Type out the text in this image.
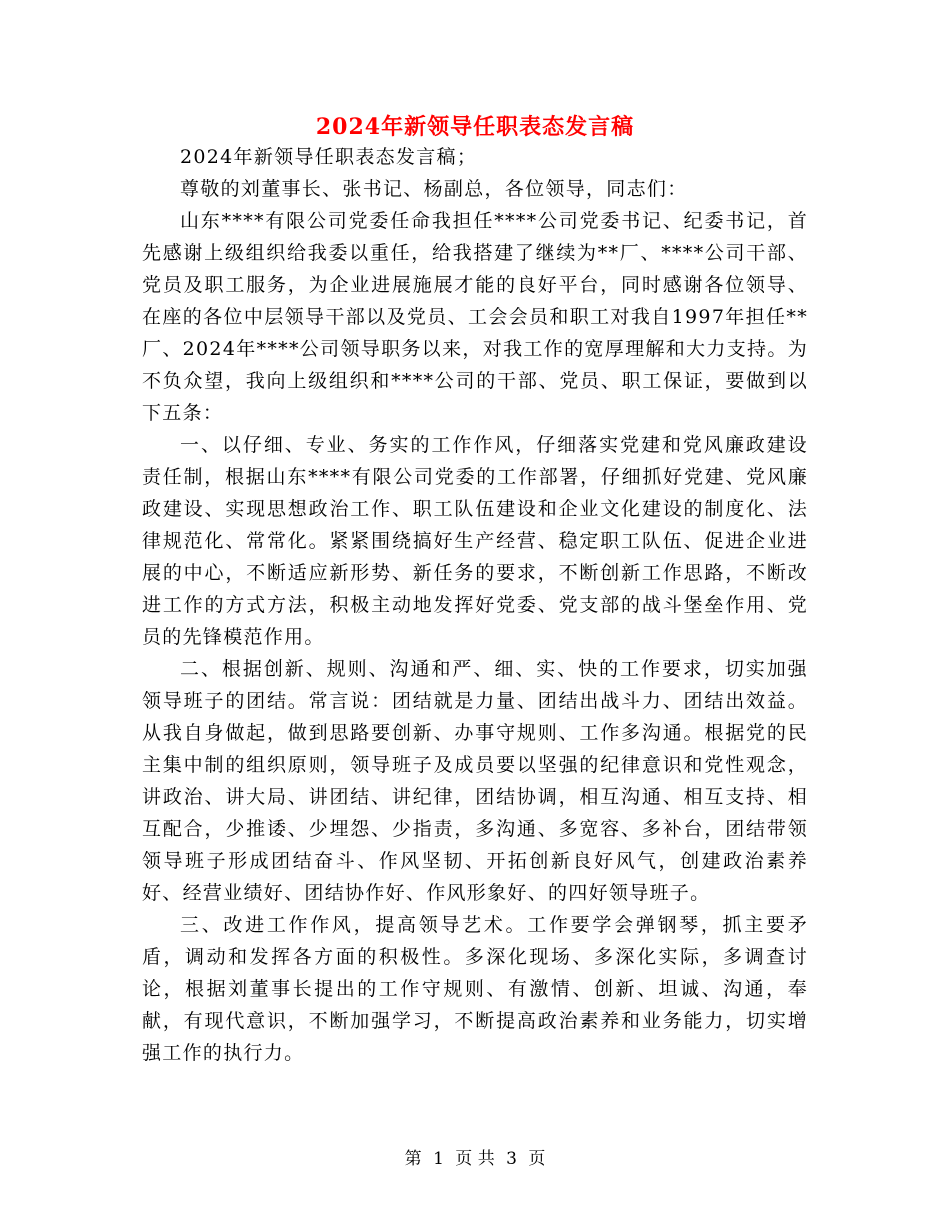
2024年新领导任职表态发言稿

2024年新领导任职表态发言稿；

尊敬的刘董事长、张书记、杨副总，各位领导，同志们：

山东****有限公司党委任命我担任****公司党委书记、纪委书记，首先感谢上级组织给我委以重任，给我搭建了继续为**厂、****公司干部、党员及职工服务，为企业进展施展才能的良好平台，同时感谢各位领导、在座的各位中层领导干部以及党员、工会会员和职工对我自1997年担任**厂、2024年****公司领导职务以来，对我工作的宽厚理解和大力支持。为不负众望，我向上级组织和****公司的干部、党员、职工保证，要做到以下五条：

一、以仔细、专业、务实的工作作风，仔细落实党建和党风廉政建设责任制，根据山东****有限公司党委的工作部署，仔细抓好党建、党风廉政建设、实现思想政治工作、职工队伍建设和企业文化建设的制度化、法律规范化、常常化。紧紧围绕搞好生产经营、稳定职工队伍、促进企业进展的中心，不断适应新形势、新任务的要求，不断创新工作思路，不断改进工作的方式方法，积极主动地发挥好党委、党支部的战斗堡垒作用、党员的先锋模范作用。

二、根据创新、规则、沟通和严、细、实、快的工作要求，切实加强领导班子的团结。常言说：团结就是力量、团结出战斗力、团结出效益。从我自身做起，做到思路要创新、办事守规则、工作多沟通。根据党的民主集中制的组织原则，领导班子及成员要以坚强的纪律意识和党性观念，讲政治、讲大局、讲团结、讲纪律，团结协调，相互沟通、相互支持、相互配合，少推诿、少埋怨、少指责，多沟通、多宽容、多补台，团结带领领导班子形成团结奋斗、作风坚韧、开拓创新良好风气，创建政治素养好、经营业绩好、团结协作好、作风形象好、的四好领导班子。

三、改进工作作风，提高领导艺术。工作要学会弹钢琴，抓主要矛盾，调动和发挥各方面的积极性。多深化现场、多深化实际，多调查讨论，根据刘董事长提出的工作守规则、有激情、创新、坦诚、沟通，奉献，有现代意识，不断加强学习，不断提高政治素养和业务能力，切实增强工作的执行力。

第 1 页 共 3 页
